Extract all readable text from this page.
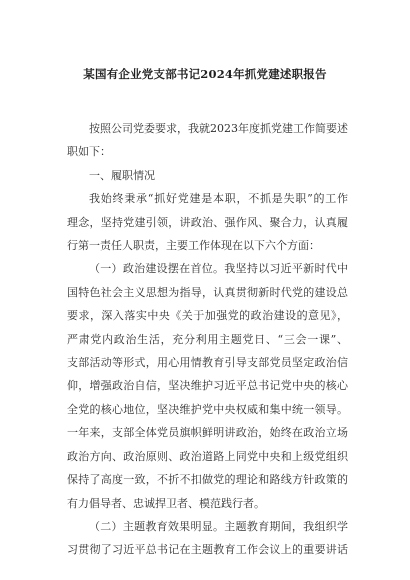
某国有企业党支部书记2024年抓党建述职报告
按照公司党委要求，我就2023年度抓党建工作简要述
职如下：
一、履职情况
我始终秉承“抓好党建是本职，不抓是失职”的工作
理念，坚持党建引领，讲政治、强作风、聚合力，认真履
行第一责任人职责，主要工作体现在以下六个方面：
（一）政治建设摆在首位。我坚持以习近平新时代中
国特色社会主义思想为指导，认真贯彻新时代党的建设总
要求，深入落实中央《关于加强党的政治建设的意见》，
严肃党内政治生活，充分利用主题党日、“三会一课”、
支部活动等形式，用心用情教育引导支部党员坚定政治信
仰，增强政治自信，坚决维护习近平总书记党中央的核心
全党的核心地位，坚决维护党中央权威和集中统一领导。
一年来，支部全体党员旗帜鲜明讲政治，始终在政治立场
政治方向、政治原则、政治道路上同党中央和上级党组织
保持了高度一致，不折不扣做党的理论和路线方针政策的
有力倡导者、忠诚捍卫者、模范践行者。
（二）主题教育效果明显。主题教育期间，我组织学
习贯彻了习近平总书记在主题教育工作会议上的重要讲话
